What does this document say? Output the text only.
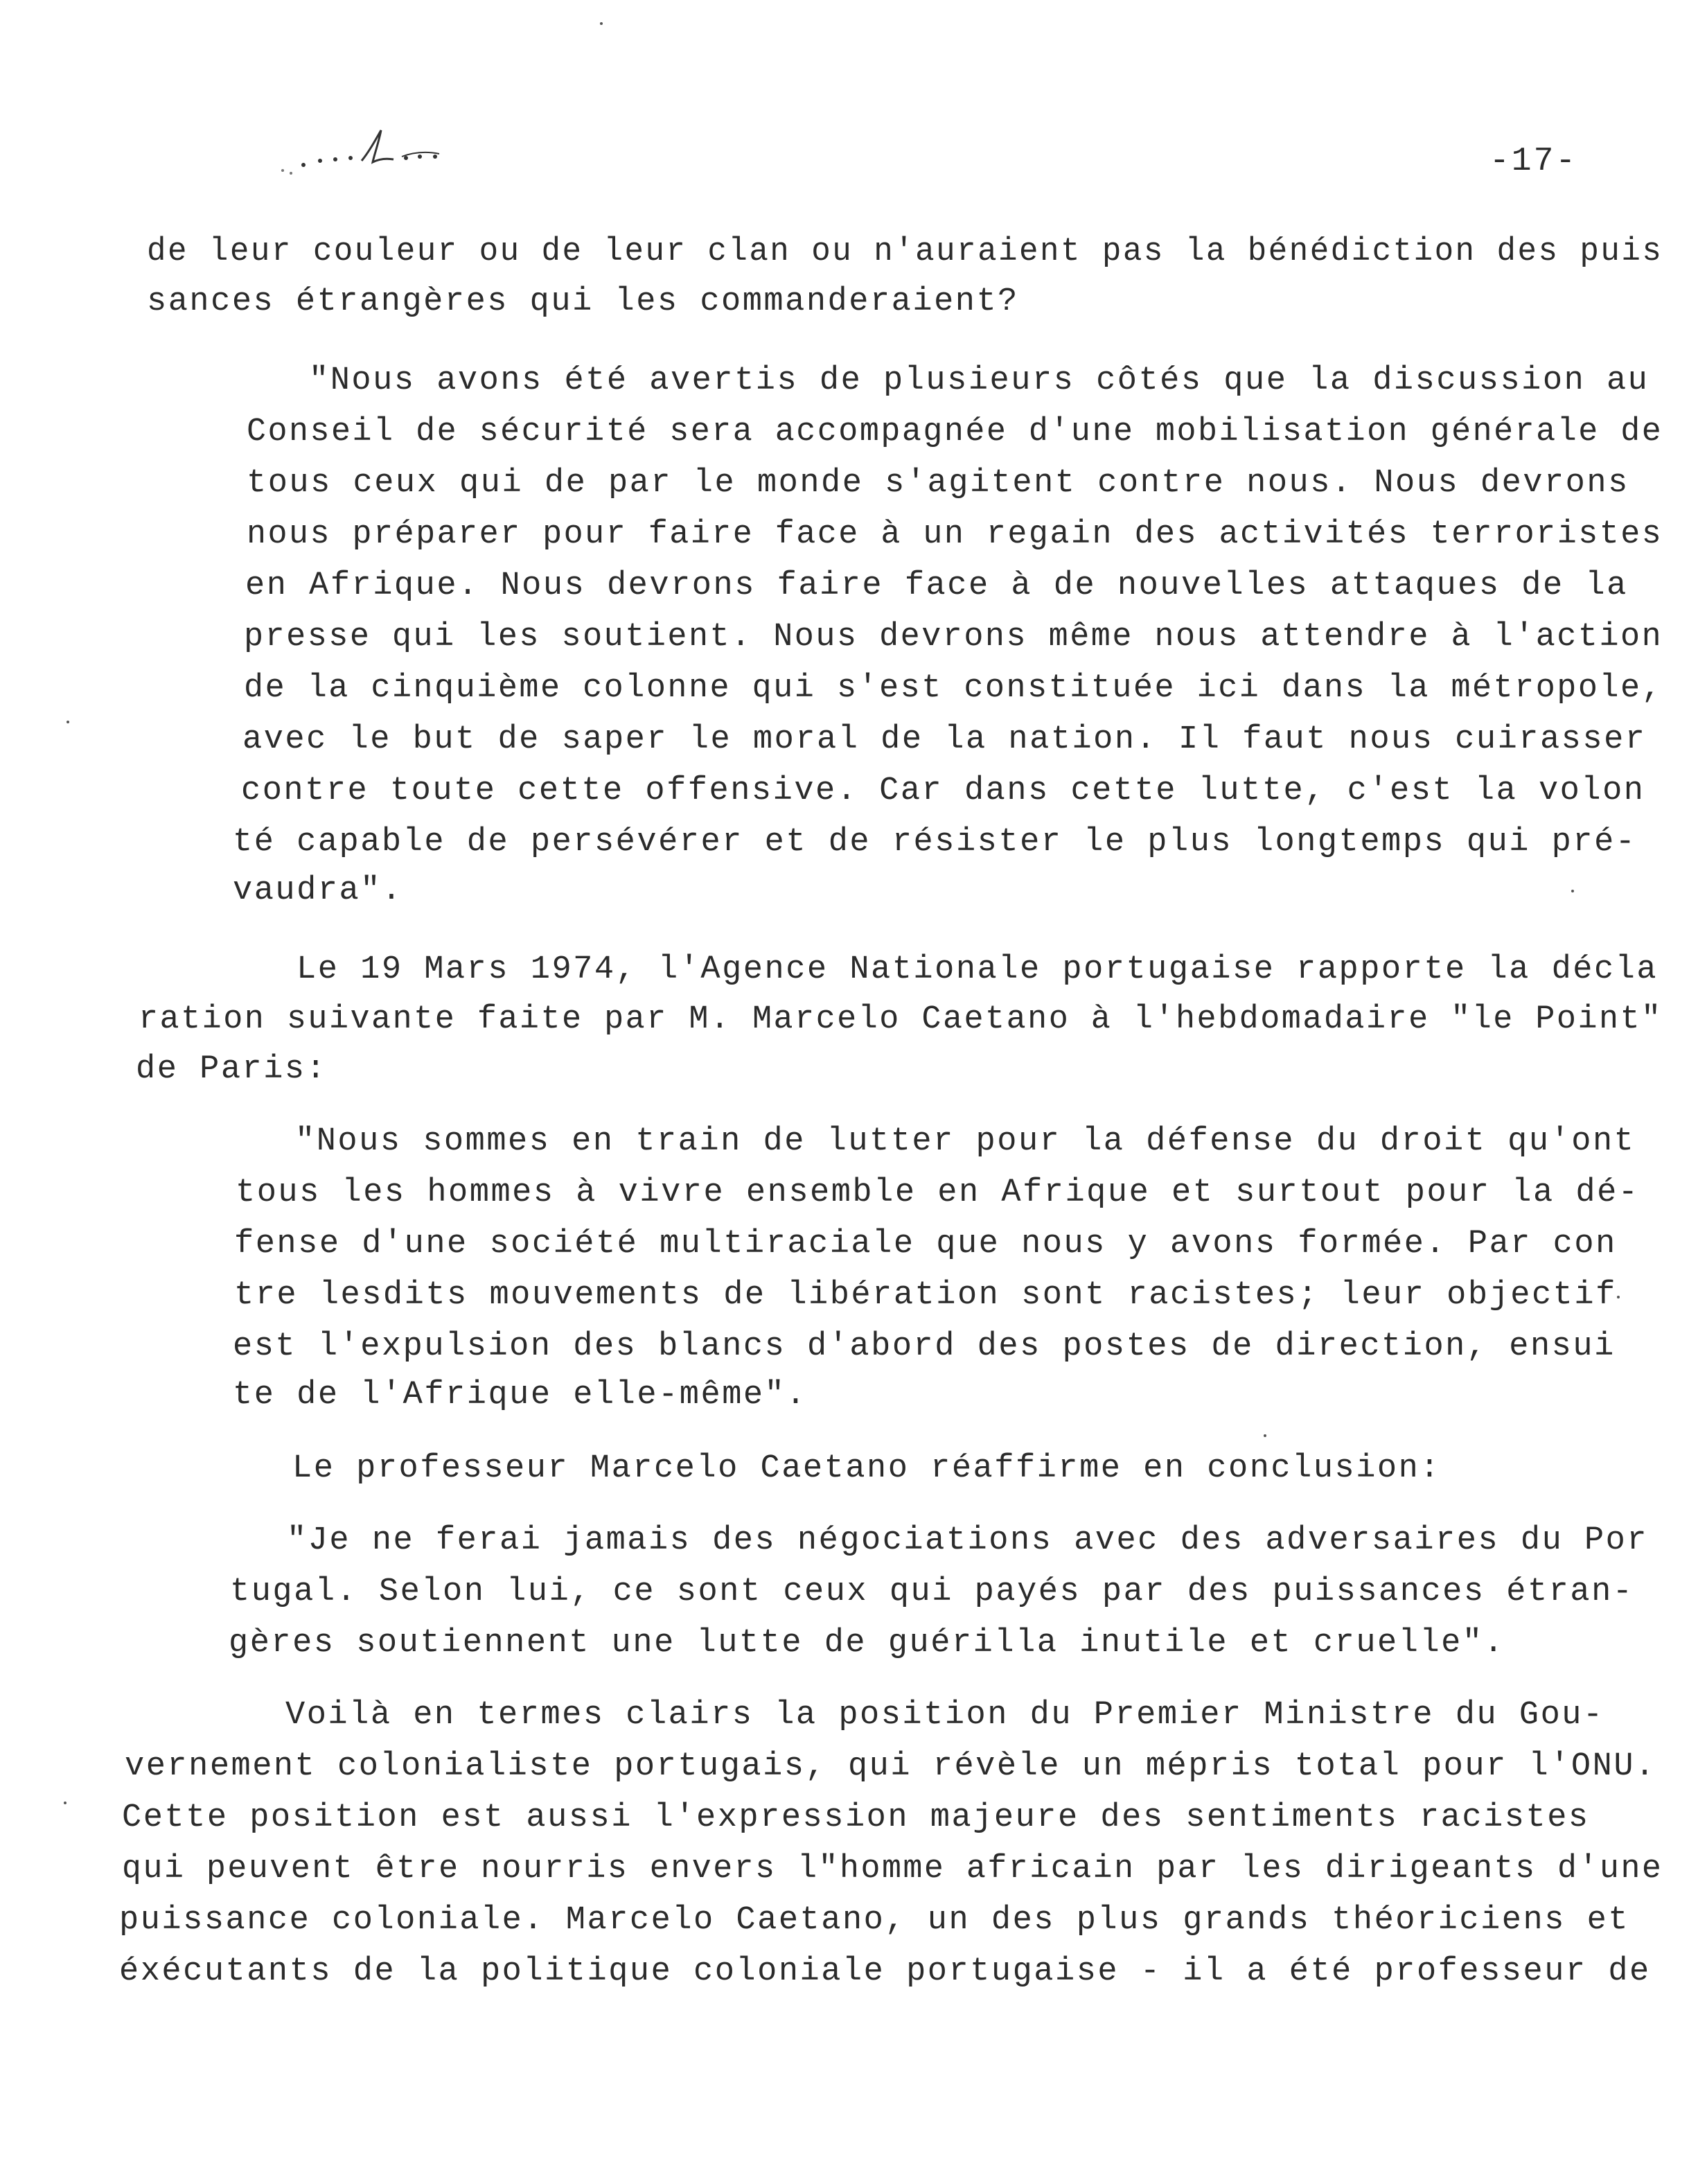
-17-
de leur couleur ou de leur clan ou n'auraient pas la bénédiction des puis
sances étrangères qui les commanderaient?
"Nous avons été avertis de plusieurs côtés que la discussion au
Conseil de sécurité sera accompagnée d'une mobilisation générale de
tous ceux qui de par le monde s'agitent contre nous. Nous devrons
nous préparer pour faire face à un regain des activités terroristes
en Afrique. Nous devrons faire face à de nouvelles attaques de la
presse qui les soutient. Nous devrons même nous attendre à l'action
de la cinquième colonne qui s'est constituée ici dans la métropole,
avec le but de saper le moral de la nation. Il faut nous cuirasser
contre toute cette offensive. Car dans cette lutte, c'est la volon
té capable de persévérer et de résister le plus longtemps qui pré-
vaudra".
Le 19 Mars 1974, l'Agence Nationale portugaise rapporte la décla
ration suivante faite par M. Marcelo Caetano à l'hebdomadaire "le Point"
de Paris:
"Nous sommes en train de lutter pour la défense du droit qu'ont
tous les hommes à vivre ensemble en Afrique et surtout pour la dé-
fense d'une société multiraciale que nous y avons formée. Par con
tre lesdits mouvements de libération sont racistes; leur objectif
est l'expulsion des blancs d'abord des postes de direction, ensui
te de l'Afrique elle-même".
Le professeur Marcelo Caetano réaffirme en conclusion:
"Je ne ferai jamais des négociations avec des adversaires du Por
tugal. Selon lui, ce sont ceux qui payés par des puissances étran-
gères soutiennent une lutte de guérilla inutile et cruelle".
Voilà en termes clairs la position du Premier Ministre du Gou-
vernement colonialiste portugais, qui révèle un mépris total pour l'ONU.
Cette position est aussi l'expression majeure des sentiments racistes
qui peuvent être nourris envers l"homme africain par les dirigeants d'une
puissance coloniale. Marcelo Caetano, un des plus grands théoriciens et
éxécutants de la politique coloniale portugaise - il a été professeur de
